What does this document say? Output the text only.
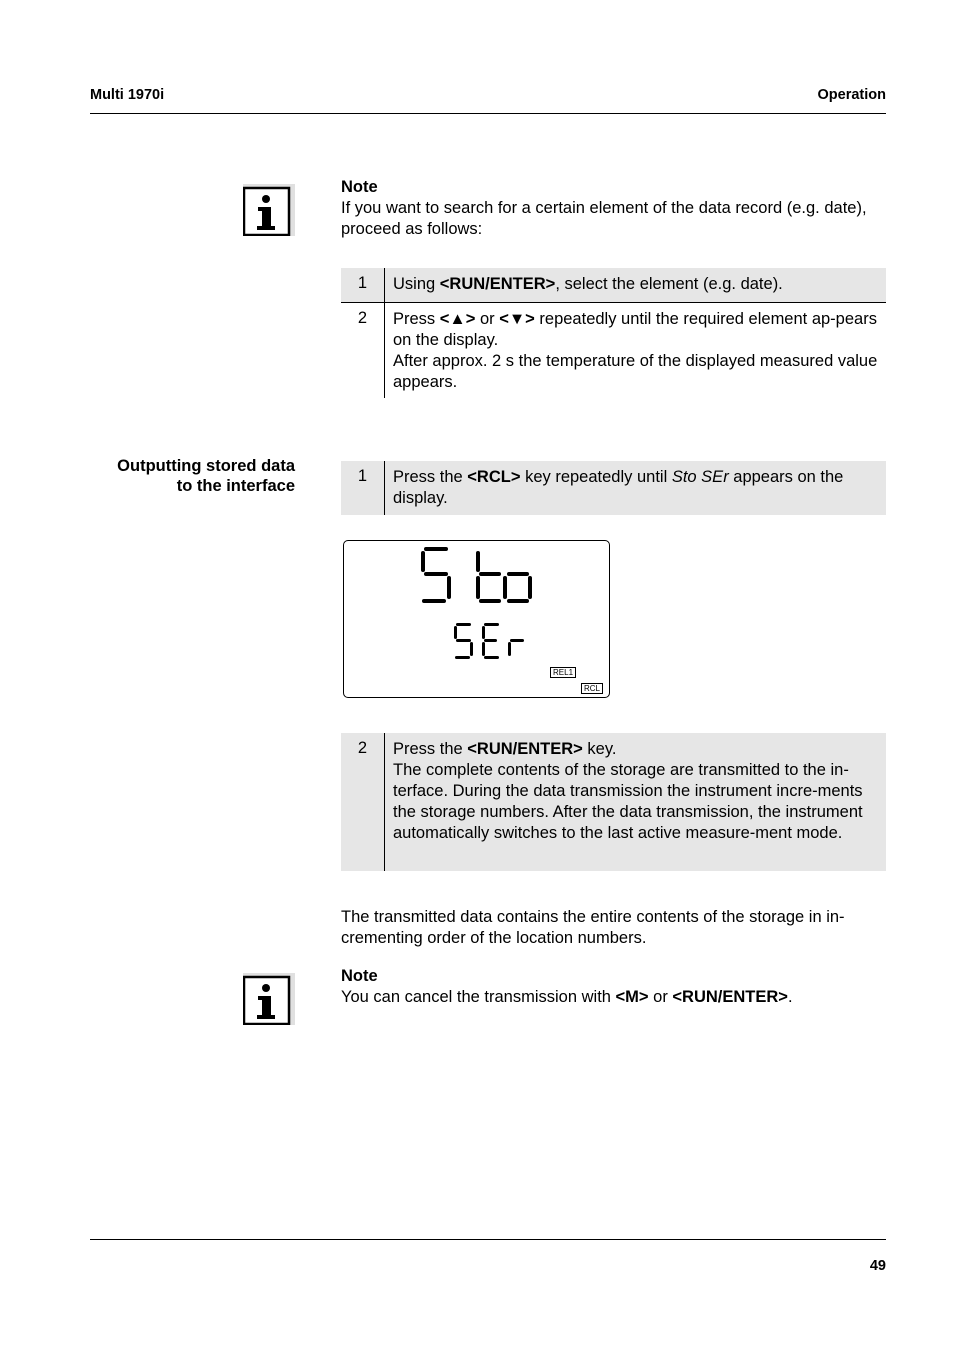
Multi 1970i	Operation
Note
If you want to search for a certain element of the data record (e.g. date), proceed as follows:
1	Using <RUN/ENTER>, select the element (e.g. date).
2	Press <▲> or <▼> repeatedly until the required element ap-pears on the display.
After approx. 2 s the temperature of the displayed measured value appears.
Outputting stored data
to the interface
1	Press the <RCL> key repeatedly until Sto SEr appears on the display.
REL1
RCL
2	Press the <RUN/ENTER> key.
The complete contents of the storage are transmitted to the in-terface. During the data transmission the instrument incre-ments the storage numbers. After the data transmission, the instrument automatically switches to the last active measure-ment mode.
The transmitted data contains the entire contents of the storage in in-crementing order of the location numbers.
Note
You can cancel the transmission with <M> or <RUN/ENTER>.
49
